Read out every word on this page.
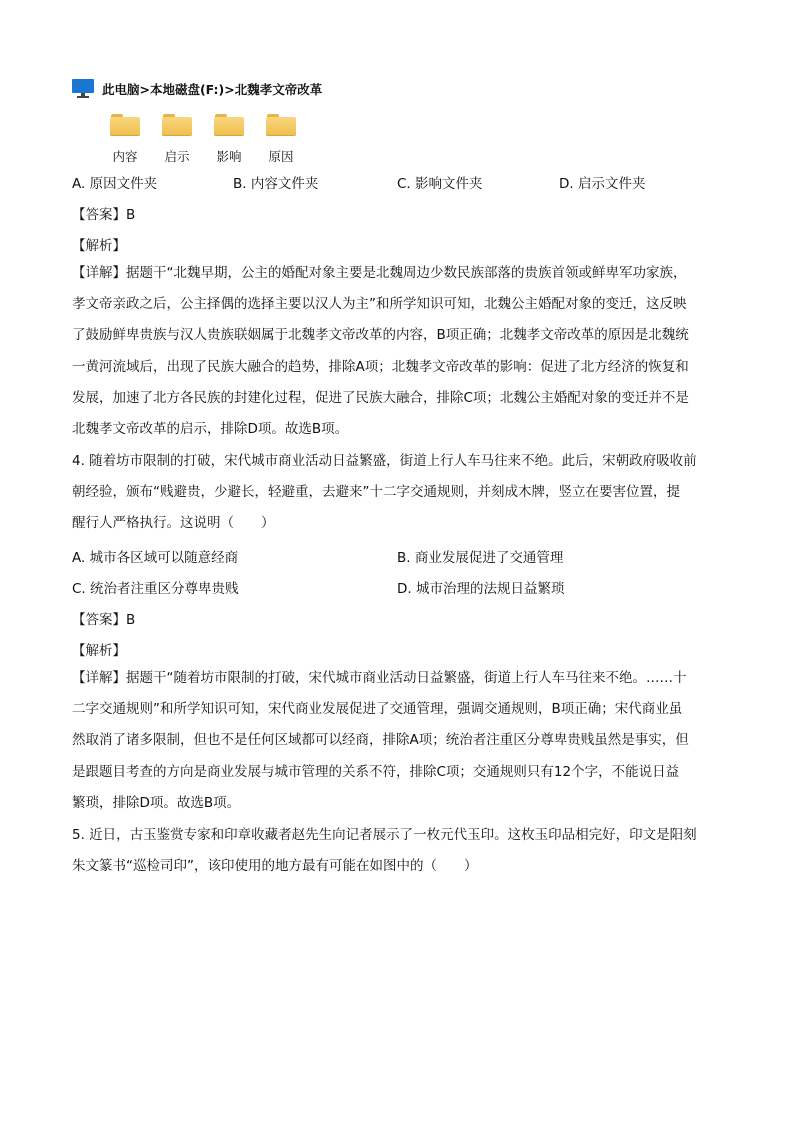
此电脑>本地磁盘(F:)>北魏孝文帝改革
内容 启示 影响 原因
A. 原因文件夹	B. 内容文件夹	C. 影响文件夹	D. 启示文件夹
【答案】B
【解析】
【详解】据题干“北魏早期，公主的婚配对象主要是北魏周边少数民族部落的贵族首领或鲜卑军功家族，
孝文帝亲政之后，公主择偶的选择主要以汉人为主”和所学知识可知，北魏公主婚配对象的变迁，这反映
了鼓励鲜卑贵族与汉人贵族联姻属于北魏孝文帝改革的内容，B项正确；北魏孝文帝改革的原因是北魏统
一黄河流域后，出现了民族大融合的趋势，排除A项；北魏孝文帝改革的影响：促进了北方经济的恢复和
发展，加速了北方各民族的封建化过程，促进了民族大融合，排除C项；北魏公主婚配对象的变迁并不是
北魏孝文帝改革的启示，排除D项。故选B项。
4. 随着坊市限制的打破，宋代城市商业活动日益繁盛，街道上行人车马往来不绝。此后，宋朝政府吸收前
朝经验，颁布“贱避贵，少避长，轻避重，去避来”十二字交通规则，并刻成木牌，竖立在要害位置，提
醒行人严格执行。这说明（　　）
A. 城市各区域可以随意经商	B. 商业发展促进了交通管理
C. 统治者注重区分尊卑贵贱	D. 城市治理的法规日益繁琐
【答案】B
【解析】
【详解】据题干“随着坊市限制的打破，宋代城市商业活动日益繁盛，街道上行人车马往来不绝。……十
二字交通规则”和所学知识可知，宋代商业发展促进了交通管理，强调交通规则，B项正确；宋代商业虽
然取消了诸多限制，但也不是任何区域都可以经商，排除A项；统治者注重区分尊卑贵贱虽然是事实，但
是跟题目考查的方向是商业发展与城市管理的关系不符，排除C项；交通规则只有12个字，不能说日益
繁琐，排除D项。故选B项。
5. 近日，古玉鉴赏专家和印章收藏者赵先生向记者展示了一枚元代玉印。这枚玉印品相完好，印文是阳刻
朱文篆书“巡检司印”，该印使用的地方最有可能在如图中的（　　）
